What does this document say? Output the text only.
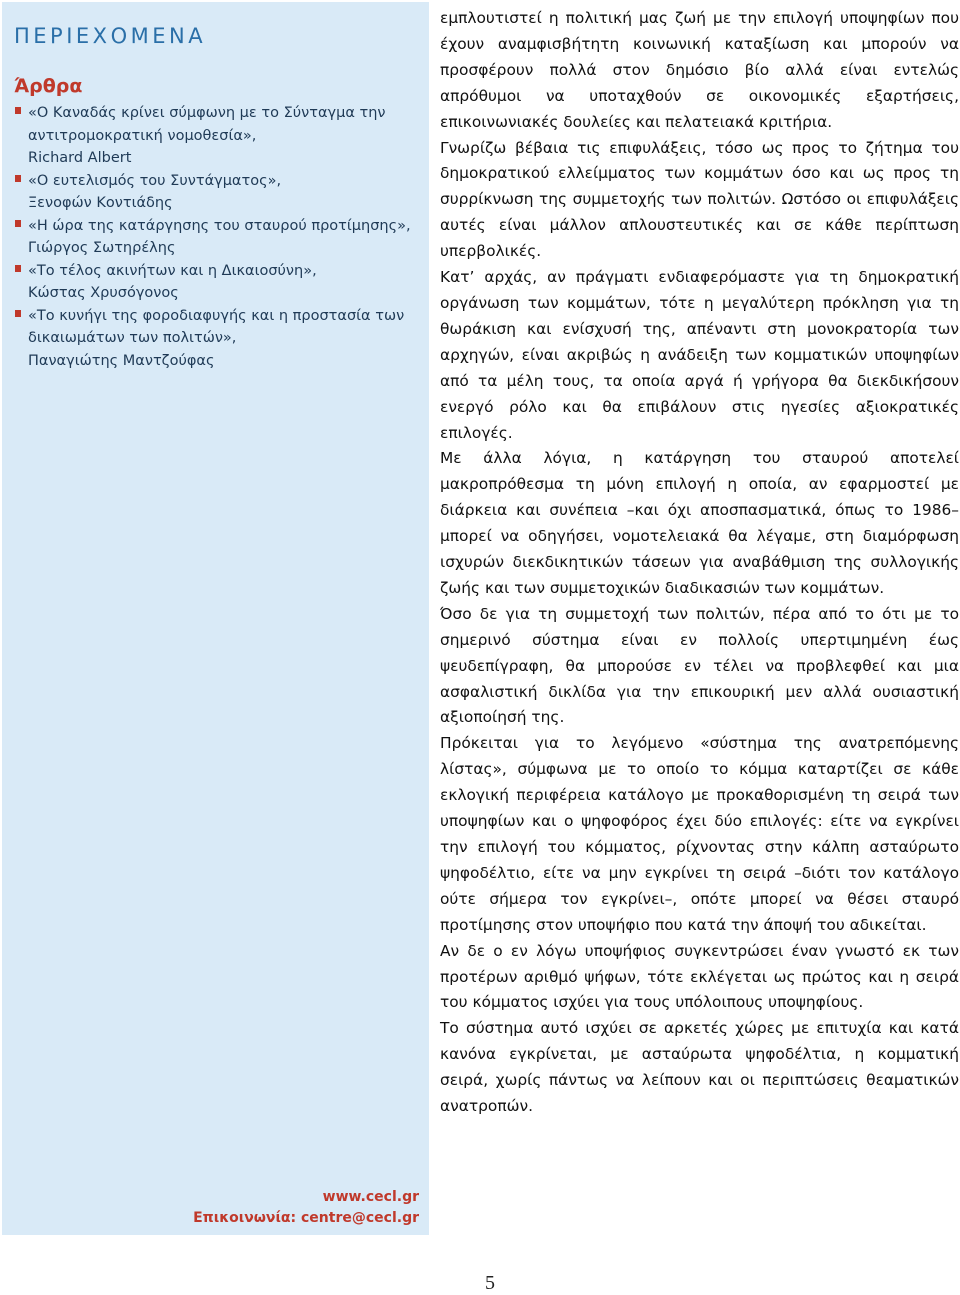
ΠΕΡΙΕΧΟΜΕΝΑ
Άρθρα
«Ο Καναδάς κρίνει σύμφωνη με το Σύνταγμα την αντιτρομοκρατική νομοθεσία»,
Richard Albert
«Ο ευτελισμός του Συντάγματος»,
Ξενοφών Κοντιάδης
«Η ώρα της κατάργησης του σταυρού προτίμησης»,
Γιώργος Σωτηρέλης
«Το τέλος ακινήτων και η Δικαιοσύνη»,
Κώστας Χρυσόγονος
«Το κυνήγι της φοροδιαφυγής και η προστασία των δικαιωμάτων των πολιτών»,
Παναγιώτης Μαντζούφας
www.cecl.gr
Επικοινωνία: centre@cecl.gr

εμπλουτιστεί η πολιτική μας ζωή με την επιλογή υποψηφίων που έχουν αναμφισβήτητη κοινωνική καταξίωση και μπορούν να προσφέρουν πολλά στον δημόσιο βίο αλλά είναι εντελώς απρόθυμοι να υποταχθούν σε οικονομικές εξαρτήσεις, επικοινωνιακές δουλείες και πελατειακά κριτήρια.

Γνωρίζω βέβαια τις επιφυλάξεις, τόσο ως προς το ζήτημα του δημοκρατικού ελλείμματος των κομμάτων όσο και ως προς τη συρρίκνωση της συμμετοχής των πολιτών. Ωστόσο οι επιφυλάξεις αυτές είναι μάλλον απλουστευτικές και σε κάθε περίπτωση υπερβολικές.

Κατ’ αρχάς, αν πράγματι ενδιαφερόμαστε για τη δημοκρατική οργάνωση των κομμάτων, τότε η μεγαλύτερη πρόκληση για τη θωράκιση και ενίσχυσή της, απέναντι στη μονοκρατορία των αρχηγών, είναι ακριβώς η ανάδειξη των κομματικών υποψηφίων από τα μέλη τους, τα οποία αργά ή γρήγορα θα διεκδικήσουν ενεργό ρόλο και θα επιβάλουν στις ηγεσίες αξιοκρατικές επιλογές.

Με άλλα λόγια, η κατάργηση του σταυρού αποτελεί μακροπρόθεσμα τη μόνη επιλογή η οποία, αν εφαρμοστεί με διάρκεια και συνέπεια –και όχι αποσπασματικά, όπως το 1986– μπορεί να οδηγήσει, νομοτελειακά θα λέγαμε, στη διαμόρφωση ισχυρών διεκδικητικών τάσεων για αναβάθμιση της συλλογικής ζωής και των συμμετοχικών διαδικασιών των κομμάτων.

Όσο δε για τη συμμετοχή των πολιτών, πέρα από το ότι με το σημερινό σύστημα είναι εν πολλοίς υπερτιμημένη έως ψευδεπίγραφη, θα μπορούσε εν τέλει να προβλεφθεί και μια ασφαλιστική δικλίδα για την επικουρική μεν αλλά ουσιαστική αξιοποίησή της.

Πρόκειται για το λεγόμενο «σύστημα της ανατρεπόμενης λίστας», σύμφωνα με το οποίο το κόμμα καταρτίζει σε κάθε εκλογική περιφέρεια κατάλογο με προκαθορισμένη τη σειρά των υποψηφίων και ο ψηφοφόρος έχει δύο επιλογές: είτε να εγκρίνει την επιλογή του κόμματος, ρίχνοντας στην κάλπη ασταύρωτο ψηφοδέλτιο, είτε να μην εγκρίνει τη σειρά –διότι τον κατάλογο ούτε σήμερα τον εγκρίνει–, οπότε μπορεί να θέσει σταυρό προτίμησης στον υποψήφιο που κατά την άποψή του αδικείται.

Αν δε ο εν λόγω υποψήφιος συγκεντρώσει έναν γνωστό εκ των προτέρων αριθμό ψήφων, τότε εκλέγεται ως πρώτος και η σειρά του κόμματος ισχύει για τους υπόλοιπους υποψηφίους.

Το σύστημα αυτό ισχύει σε αρκετές χώρες με επιτυχία και κατά κανόνα εγκρίνεται, με ασταύρωτα ψηφοδέλτια, η κομματική σειρά, χωρίς πάντως να λείπουν και οι περιπτώσεις θεαματικών ανατροπών.

5
